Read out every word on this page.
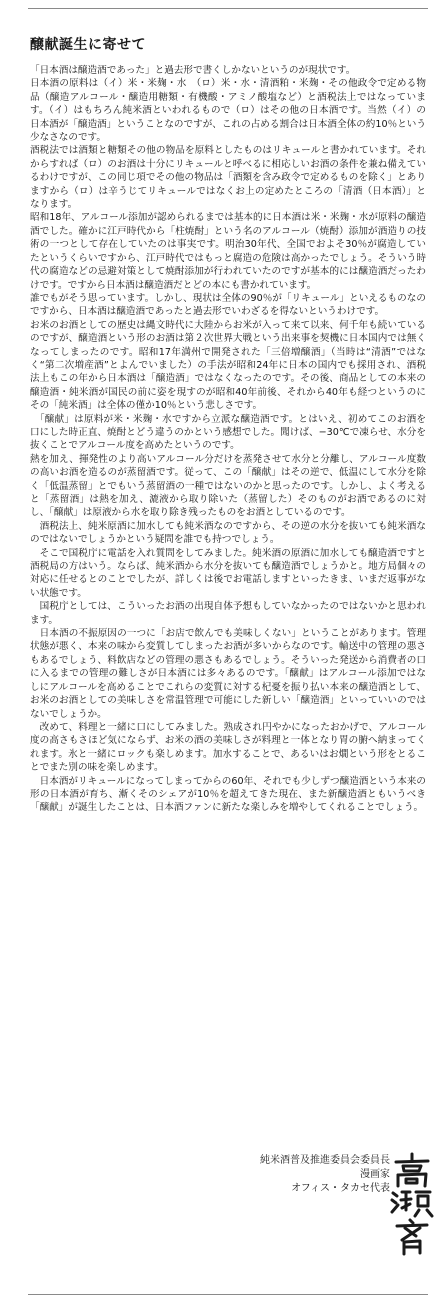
醸献誕生に寄せて

「日本酒は醸造酒であった」と過去形で書くしかないというのが現状です。

日本酒の原料は（イ）米・米麹・水　（ロ）米・水・清酒粕・米麹・その他政令で定める物品（醸造アルコール・醸造用糖類・有機酸・アミノ酸塩など）と酒税法上ではなっています。（イ）はもちろん純米酒といわれるもので（ロ）はその他の日本酒です。当然（イ）の日本酒が「醸造酒」ということなのですが、これの占める割合は日本酒全体の約10％という少なさなのです。

酒税法では酒類と糖類その他の物品を原料としたものはリキュールと書かれています。それからすれば（ロ）のお酒は十分にリキュールと呼べるに相応しいお酒の条件を兼ね備えているわけですが、この同じ項でその他の物品は「酒類を含み政令で定めるものを除く」とありますから（ロ）は辛うじてリキュールではなくお上の定めたところの「清酒（日本酒）」となります。

昭和18年、アルコール添加が認められるまでは基本的に日本酒は米・米麹・水が原料の醸造酒でした。確かに江戸時代から「柱焼酎」という名のアルコール（焼酎）添加が酒造りの技術の一つとして存在していたのは事実です。明治30年代、全国でおよそ30％が腐造していたというくらいですから、江戸時代ではもっと腐造の危険は高かったでしょう。そういう時代の腐造などの忌避対策として焼酎添加が行われていたのですが基本的には醸造酒だったわけです。ですから日本酒は醸造酒だとどの本にも書かれています。

誰でもがそう思っています。しかし、現状は全体の90％が「リキュール」といえるものなのですから、日本酒は醸造酒であったと過去形でいわざるを得ないというわけです。

お米のお酒としての歴史は縄文時代に大陸からお米が入って来て以来、何千年も続いているのですが、醸造酒という形のお酒は第２次世界大戦という出来事を契機に日本国内では無くなってしまったのです。昭和17年満州で開発された「三倍増醸酒」（当時は“清酒”ではなく“第二次増産酒”とよんでいました）の手法が昭和24年に日本の国内でも採用され、酒税法上もこの年から日本酒は「醸造酒」ではなくなったのです。その後、商品としての本来の醸造酒・純米酒が国民の前に姿を現すのが昭和40年前後、それから40年も経つというのにその「純米酒」は全体の僅か10％という悲しさです。

　「醸献」は原料が米・米麹・水ですから立派な醸造酒です。とはいえ、初めてこのお酒を口にした時正直、焼酎とどう違うのかという感想でした。聞けば、−30℃で凍らせ、水分を抜くことでアルコール度を高めたというのです。

熱を加え、揮発性のより高いアルコール分だけを蒸発させて水分と分離し、アルコール度数の高いお酒を造るのが蒸留酒です。従って、この「醸献」はその逆で、低温にして水分を除く「低温蒸留」とでもいう蒸留酒の一種ではないのかと思ったのです。しかし、よく考えると「蒸留酒」は熱を加え、漉液から取り除いた（蒸留した）そのものがお酒であるのに対し、「醸献」は原液から水を取り除き残ったものをお酒としているのです。

　酒税法上、純米原酒に加水しても純米酒なのですから、その逆の水分を抜いても純米酒なのではないでしょうかという疑問を誰でも持つでしょう。

　そこで国税庁に電話を入れ質問をしてみました。純米酒の原酒に加水しても醸造酒ですと酒税局の方はいう。ならば、純米酒から水分を抜いても醸造酒でしょうかと。地方局個々の対応に任せるとのことでしたが、詳しくは後でお電話しますといったきま、いまだ返事がない状態です。

　国税庁としては、こういったお酒の出現自体予想もしていなかったのではないかと思われます。

　日本酒の不振原因の一つに「お店で飲んでも美味しくない」ということがあります。管理状態が悪く、本来の味から変質してしまったお酒が多いからなのです。輸送中の管理の悪さもあるでしょう、料飲店などの管理の悪さもあるでしょう。そういった発送から消費者の口に入るまでの管理の難しさが日本酒には多々あるのです。「醸献」はアルコール添加ではなしにアルコールを高めることでこれらの変質に対する杞憂を振り払い本来の醸造酒として、お米のお酒としての美味しさを常温管理で可能にした新しい「醸造酒」といっていいのではないでしょうか。

　改めて、料理と一緒に口にしてみました。熟成され円やかになったおかげで、アルコール度の高さもさほど気にならず、お米の酒の美味しさが料理と一体となり胃の腑へ納まってくれます。氷と一緒にロックも楽しめます。加水することで、あるいはお燗という形をとることでまた別の味を楽しめます。

　日本酒がリキュールになってしまってからの60年、それでも少しずつ醸造酒という本来の形の日本酒が育ち、漸くそのシェアが10％を超えてきた現在、また新醸造酒ともいうべき「醸献」が誕生したことは、日本酒ファンに新たな楽しみを増やしてくれることでしょう。

純米酒普及推進委員会委員長
漫画家
オフィス・タカセ代表
